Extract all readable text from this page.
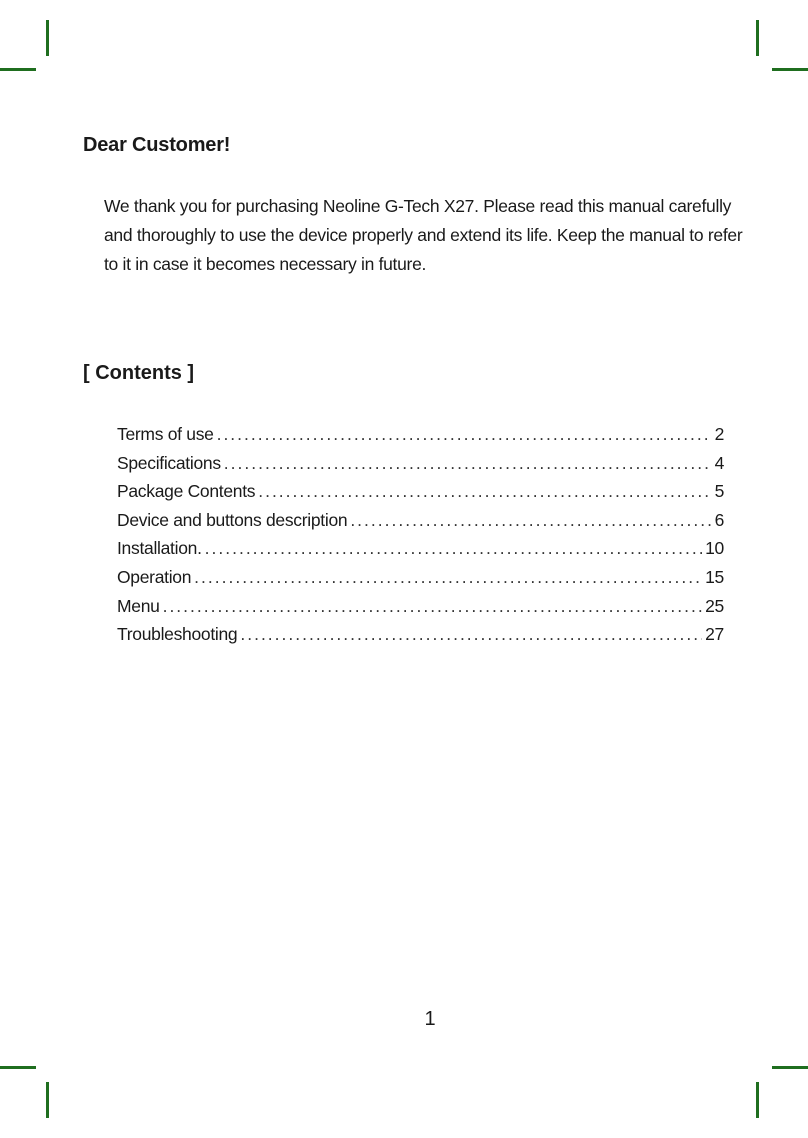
Dear Customer!

We thank you for purchasing Neoline G-Tech X27. Please read this manual carefully and thoroughly to use the device properly and extend its life. Keep the manual to refer to it in case it becomes necessary in future.

[ Contents ]
Terms of use .....	2
Specifications .....	4
Package Contents .....	5
Device and buttons description .....	6
Installation. .....	10
Operation .....	15
Menu .....	25
Troubleshooting .....	27
1
